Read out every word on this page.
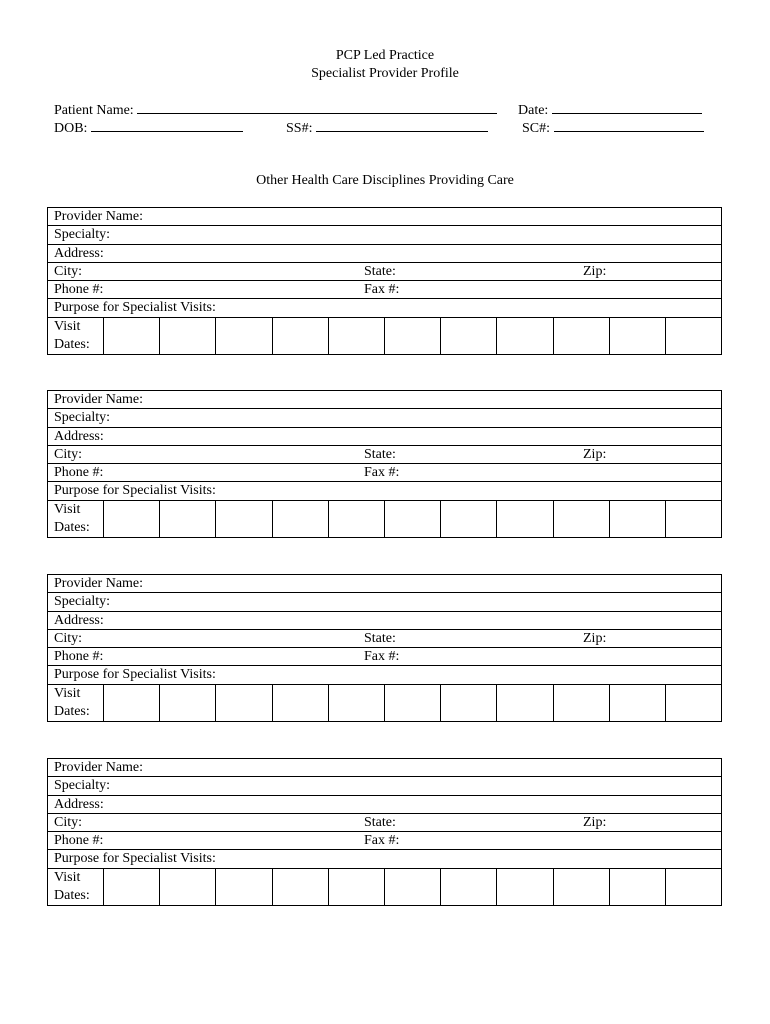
PCP Led Practice
Specialist Provider Profile
Patient Name:	Date:
DOB:	SS#:	SC#:
Other Health Care Disciplines Providing Care
Provider Name:
Specialty:
Address:
City:	State:	Zip:
Phone #:	Fax #:
Purpose for Specialist Visits:
Visit
Dates:
Provider Name:
Specialty:
Address:
City:	State:	Zip:
Phone #:	Fax #:
Purpose for Specialist Visits:
Visit
Dates:
Provider Name:
Specialty:
Address:
City:	State:	Zip:
Phone #:	Fax #:
Purpose for Specialist Visits:
Visit
Dates:
Provider Name:
Specialty:
Address:
City:	State:	Zip:
Phone #:	Fax #:
Purpose for Specialist Visits:
Visit
Dates:
